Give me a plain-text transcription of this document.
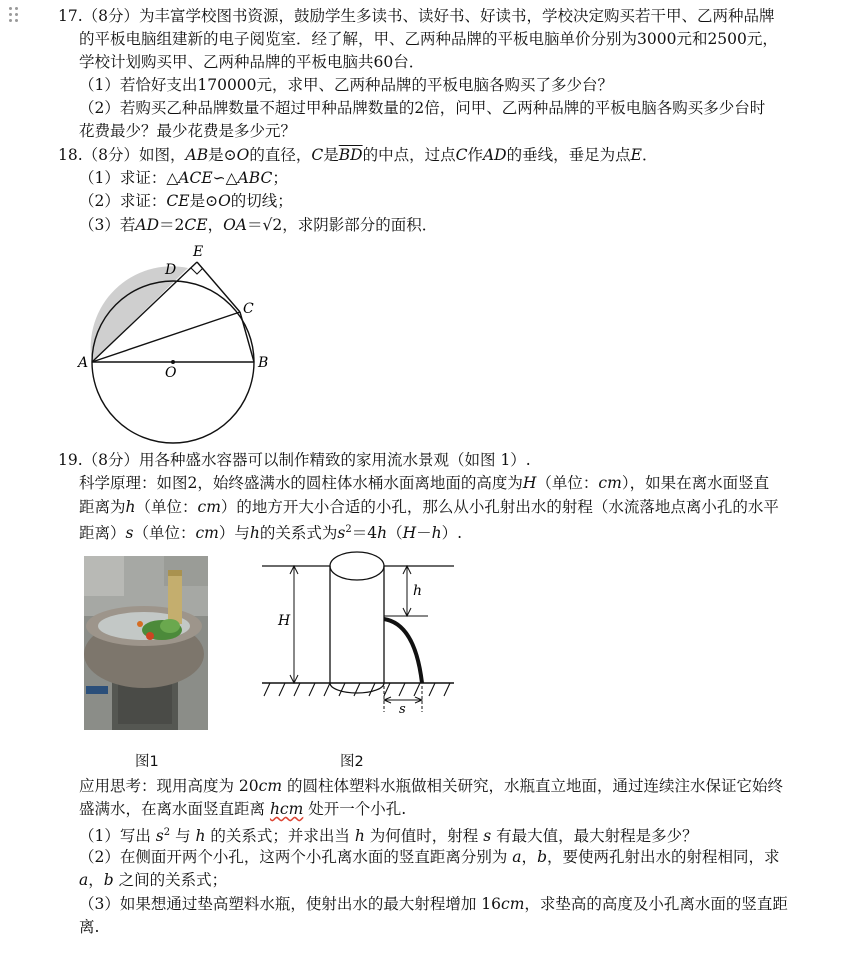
17.（8分）为丰富学校图书资源，鼓励学生多读书、读好书、好读书，学校决定购买若干甲、乙两种品牌
的平板电脑组建新的电子阅览室．经了解，甲、乙两种品牌的平板电脑单价分别为3000元和2500元，
学校计划购买甲、乙两种品牌的平板电脑共60台．
（1）若恰好支出170000元，求甲、乙两种品牌的平板电脑各购买了多少台？
（2）若购买乙种品牌数量不超过甲种品牌数量的2倍，问甲、乙两种品牌的平板电脑各购买多少台时
花费最少？最少花费是多少元？
18.（8分）如图，AB是⊙O的直径，C是$\overline{BD}$的中点，过点C作AD的垂线，垂足为点E．
（1）求证：△ACE∽△ABC；
（2）求证：CE是⊙O的切线；
（3）若AD＝2CE，OA＝√2，求阴影部分的面积．
E
D
C
A	B
O
19.（8分）用各种盛水容器可以制作精致的家用流水景观（如图 1）.
科学原理：如图2，始终盛满水的圆柱体水桶水面离地面的高度为H（单位：cm），如果在离水面竖直
距离为h（单位：cm）的地方开大小合适的小孔，那么从小孔射出水的射程（水流落地点离小孔的水平
距离）s（单位：cm）与h的关系式为$s^2=4h(H-h)$.
H
h
s
图1	图2
应用思考：现用高度为 20cm 的圆柱体塑料水瓶做相关研究，水瓶直立地面，通过连续注水保证它始终
盛满水，在离水面竖直距离 hcm 处开一个小孔.
（1）写出 $s^2$ 与 h 的关系式；并求出当 h 为何值时，射程 s 有最大值，最大射程是多少？
（2）在侧面开两个小孔，这两个小孔离水面的竖直距离分别为 a，b，要使两孔射出水的射程相同，求
a，b 之间的关系式；
（3）如果想通过垫高塑料水瓶，使射出水的最大射程增加 16cm，求垫高的高度及小孔离水面的竖直距
离.
